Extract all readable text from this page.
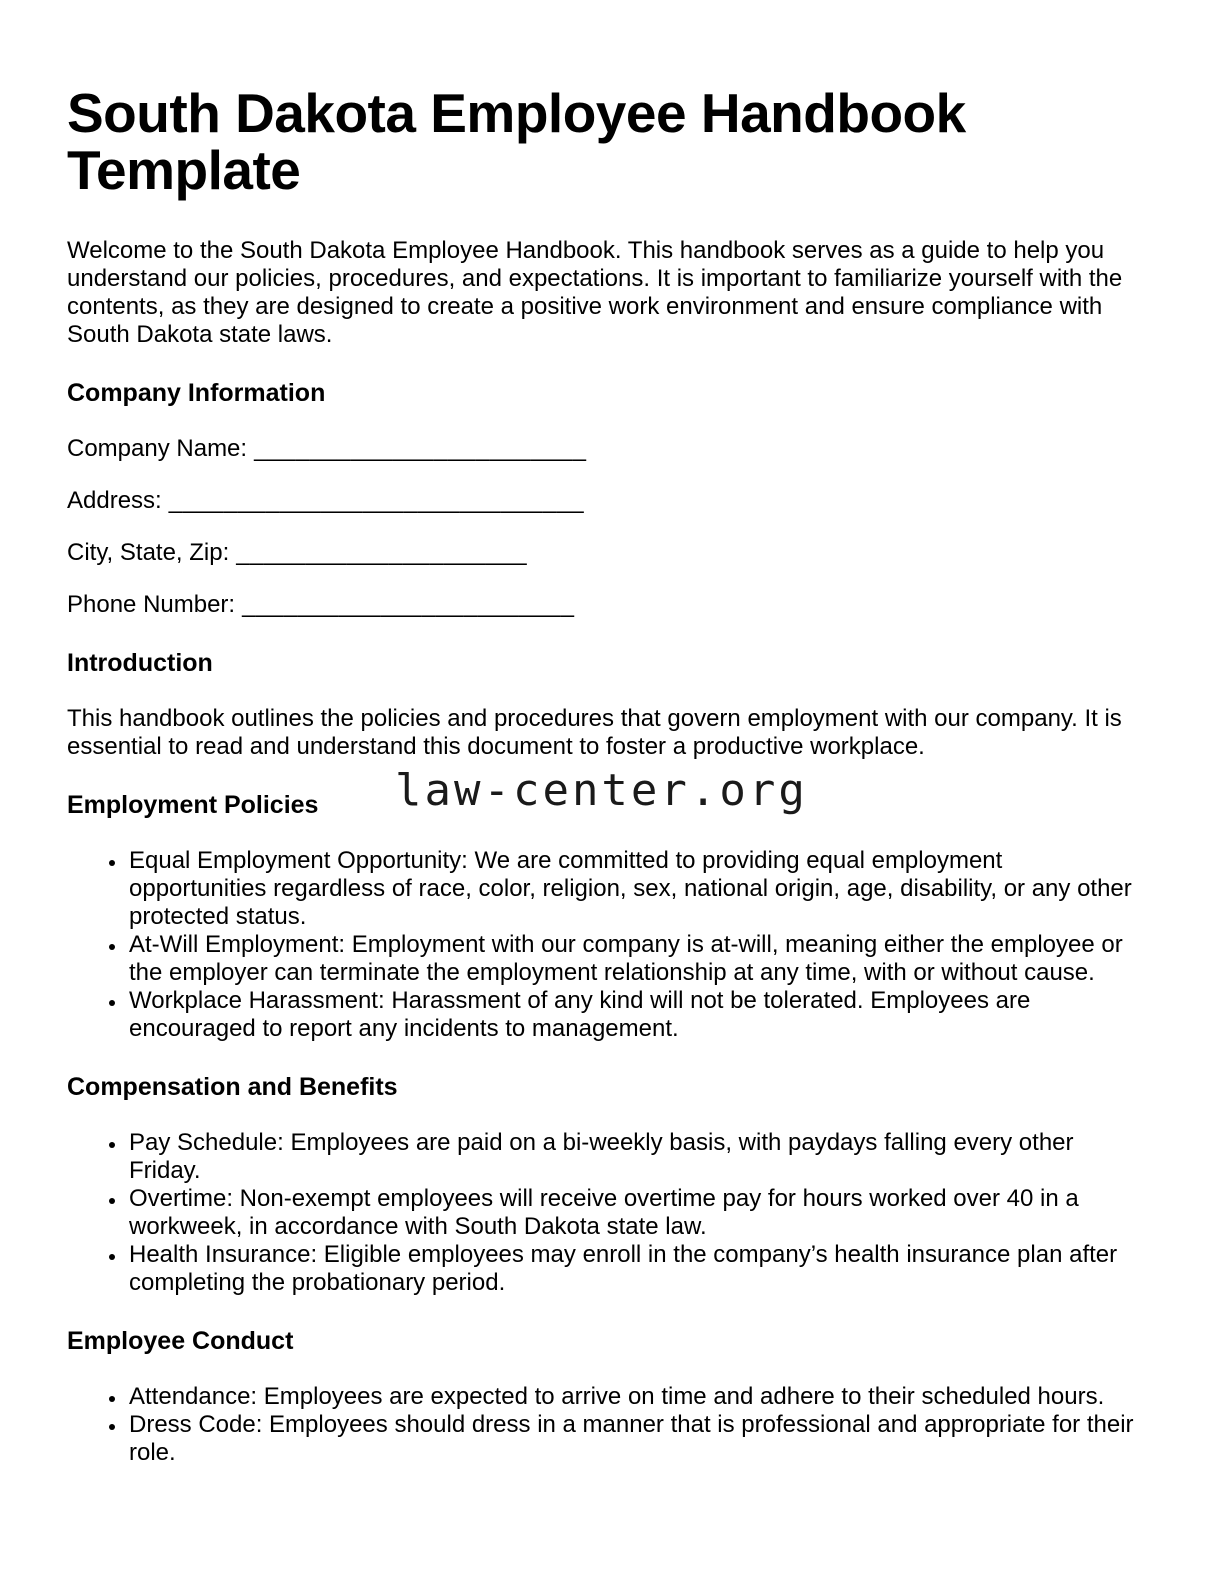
South Dakota Employee Handbook Template

Welcome to the South Dakota Employee Handbook. This handbook serves as a guide to help you understand our policies, procedures, and expectations. It is important to familiarize yourself with the contents, as they are designed to create a positive work environment and ensure compliance with South Dakota state laws.

Company Information

Company Name: ________________________

Address: ______________________________

City, State, Zip: _____________________

Phone Number: ________________________

Introduction

This handbook outlines the policies and procedures that govern employment with our company. It is essential to read and understand this document to foster a productive workplace.

Employment Policies
• Equal Employment Opportunity: We are committed to providing equal employment opportunities regardless of race, color, religion, sex, national origin, age, disability, or any other protected status.
• At-Will Employment: Employment with our company is at-will, meaning either the employee or the employer can terminate the employment relationship at any time, with or without cause.
• Workplace Harassment: Harassment of any kind will not be tolerated. Employees are encouraged to report any incidents to management.
Compensation and Benefits
• Pay Schedule: Employees are paid on a bi-weekly basis, with paydays falling every other Friday.
• Overtime: Non-exempt employees will receive overtime pay for hours worked over 40 in a workweek, in accordance with South Dakota state law.
• Health Insurance: Eligible employees may enroll in the company’s health insurance plan after completing the probationary period.
Employee Conduct
• Attendance: Employees are expected to arrive on time and adhere to their scheduled hours.
• Dress Code: Employees should dress in a manner that is professional and appropriate for their role.
law-center.org
